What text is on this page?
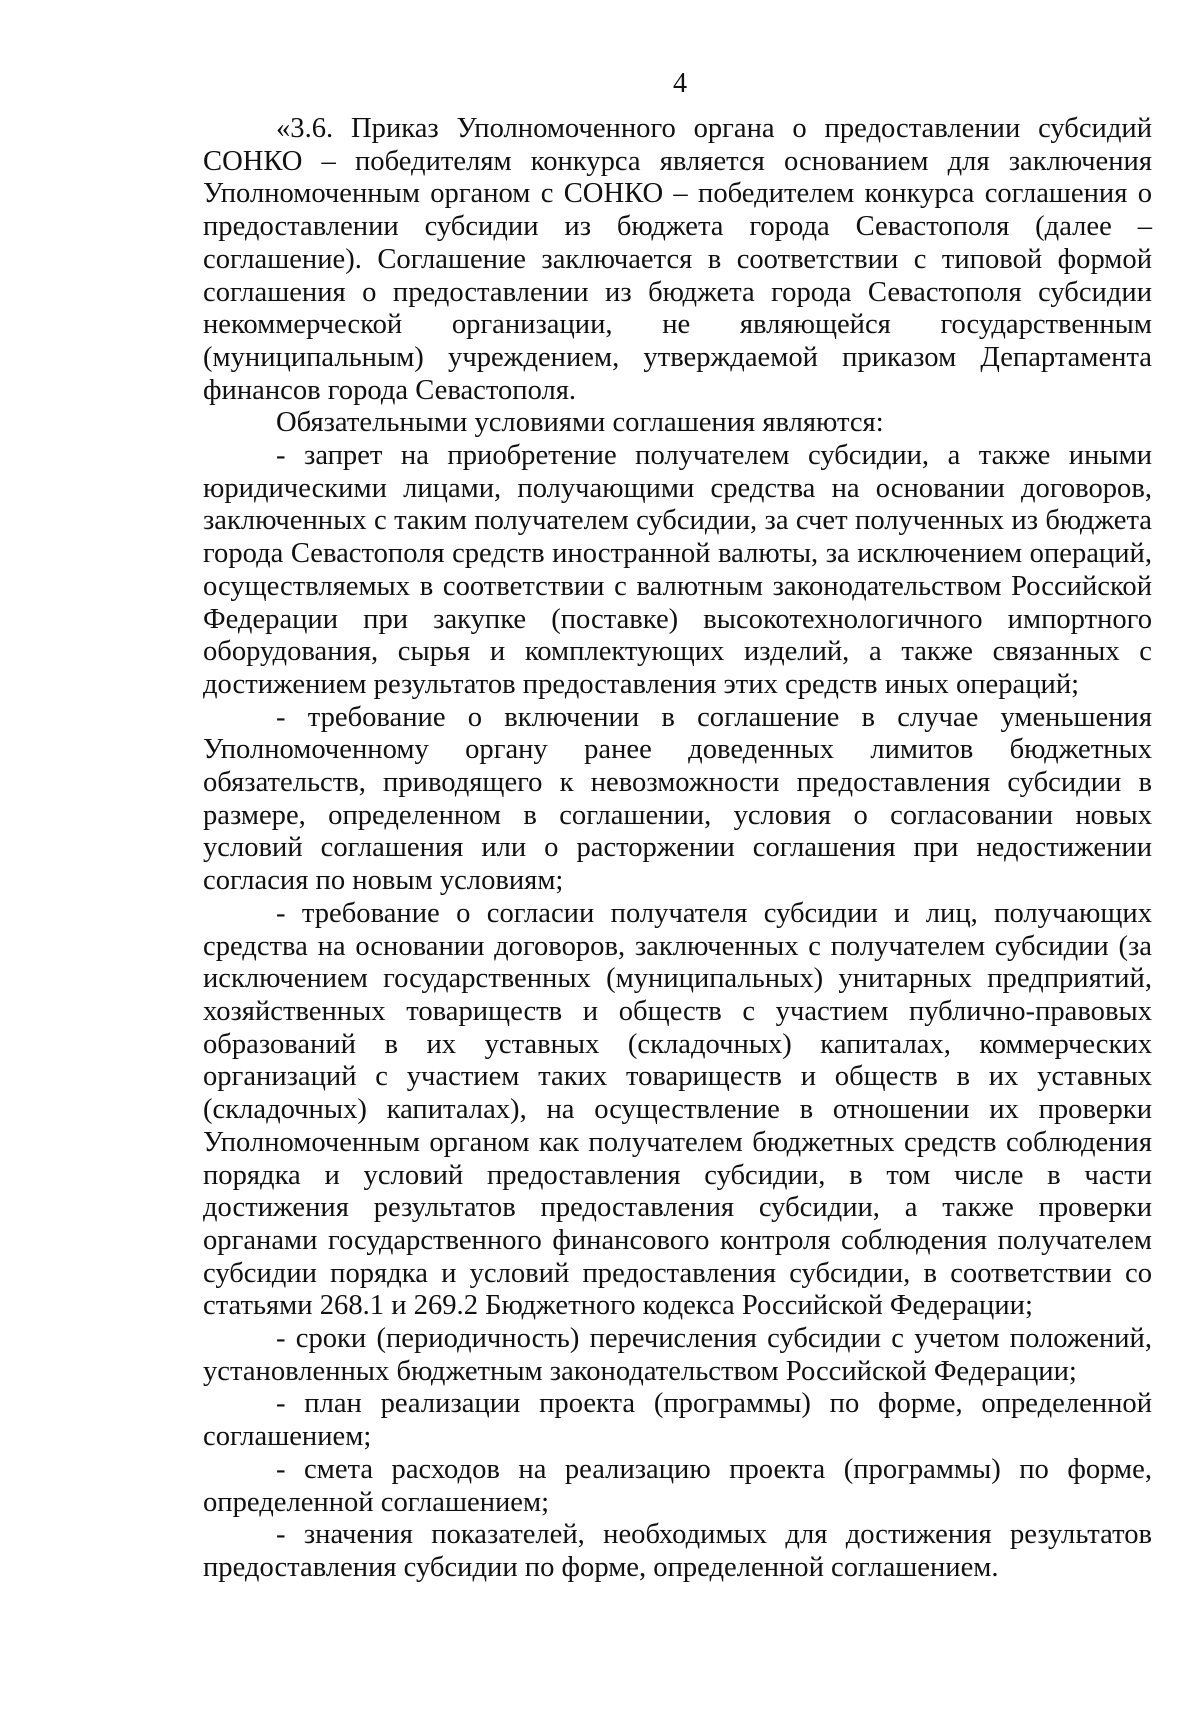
4

«3.6. Приказ Уполномоченного органа о предоставлении субсидий СОНКО – победителям конкурса является основанием для заключения Уполномоченным органом с СОНКО – победителем конкурса соглашения о предоставлении субсидии из бюджета города Севастополя (далее – соглашение). Соглашение заключается в соответствии с типовой формой соглашения о предоставлении из бюджета города Севастополя субсидии некоммерческой организации, не являющейся государственным (муниципальным) учреждением, утверждаемой приказом Департамента финансов города Севастополя.

Обязательными условиями соглашения являются:

- запрет на приобретение получателем субсидии, а также иными юридическими лицами, получающими средства на основании договоров, заключенных с таким получателем субсидии, за счет полученных из бюджета города Севастополя средств иностранной валюты, за исключением операций, осуществляемых в соответствии с валютным законодательством Российской Федерации при закупке (поставке) высокотехнологичного импортного оборудования, сырья и комплектующих изделий, а также связанных с достижением результатов предоставления этих средств иных операций;

- требование о включении в соглашение в случае уменьшения Уполномоченному органу ранее доведенных лимитов бюджетных обязательств, приводящего к невозможности предоставления субсидии в размере, определенном в соглашении, условия о согласовании новых условий соглашения или о расторжении соглашения при недостижении согласия по новым условиям;

- требование о согласии получателя субсидии и лиц, получающих средства на основании договоров, заключенных с получателем субсидии (за исключением государственных (муниципальных) унитарных предприятий, хозяйственных товариществ и обществ с участием публично-правовых образований в их уставных (складочных) капиталах, коммерческих организаций с участием таких товариществ и обществ в их уставных (складочных) капиталах), на осуществление в отношении их проверки Уполномоченным органом как получателем бюджетных средств соблюдения порядка и условий предоставления субсидии, в том числе в части достижения результатов предоставления субсидии, а также проверки органами государственного финансового контроля соблюдения получателем субсидии порядка и условий предоставления субсидии, в соответствии со статьями 268.1 и 269.2 Бюджетного кодекса Российской Федерации;

- сроки (периодичность) перечисления субсидии с учетом положений, установленных бюджетным законодательством Российской Федерации;

- план реализации проекта (программы) по форме, определенной соглашением;

- смета расходов на реализацию проекта (программы) по форме, определенной соглашением;

- значения показателей, необходимых для достижения результатов предоставления субсидии по форме, определенной соглашением.
